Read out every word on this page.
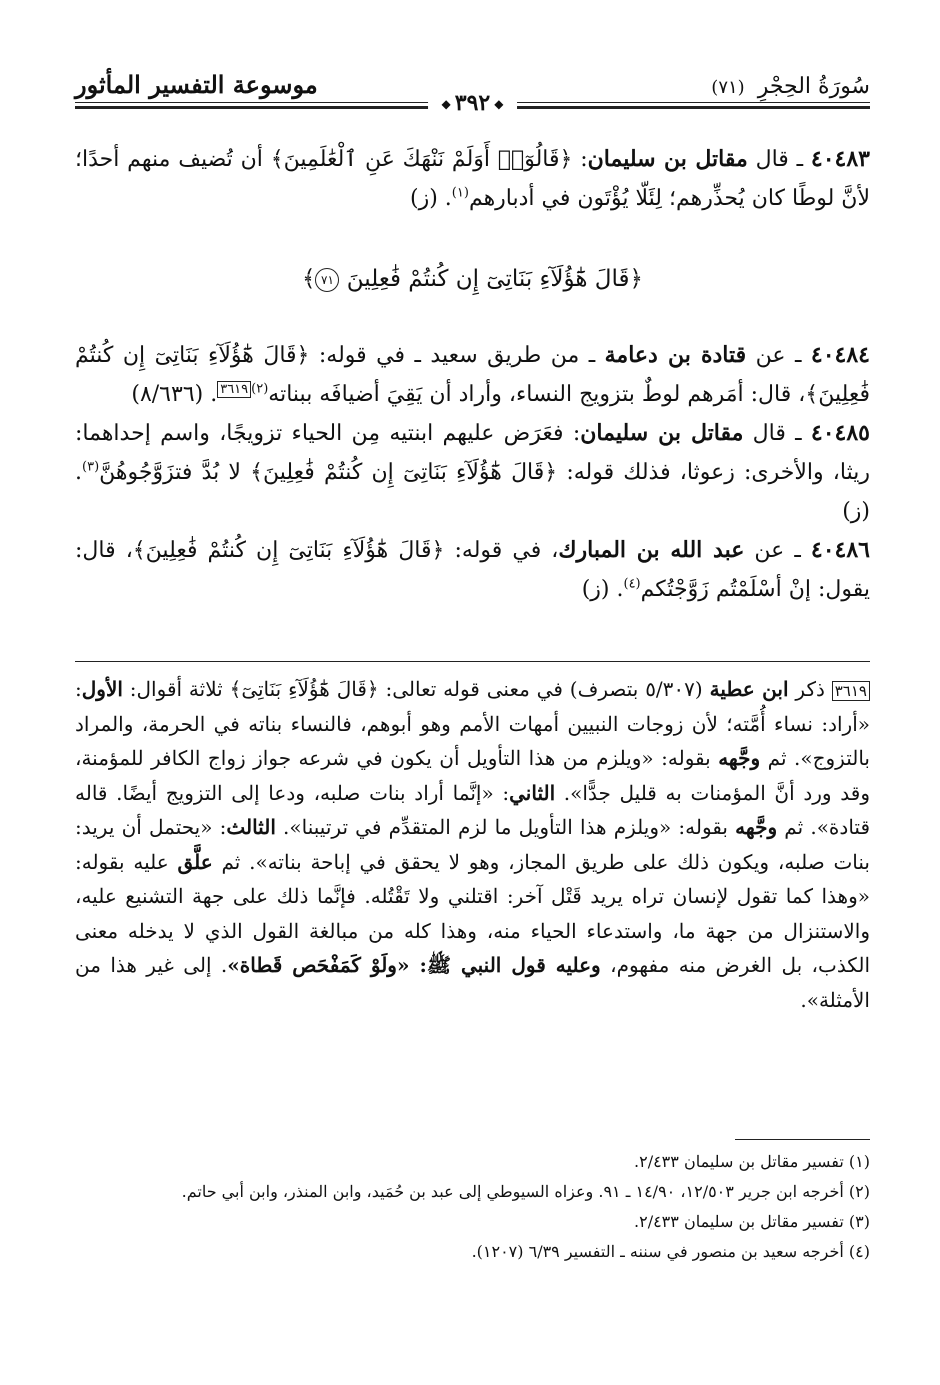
سُورَةُ الحِجْرِ (٧١)
موسوعة التفسير المأثور
◆ ٣٩٢ ◆

٤٠٤٨٣ ـ قال مقاتل بن سليمان: ﴿قَالُوٓا۟ أَوَلَمْ نَنْهَكَ عَنِ ٱلْعَٰلَمِينَ﴾ أن تُضيف منهم أحدًا؛ لأنَّ لوطًا كان يُحذِّرهم؛ لِئَلّا يُؤْتَون في أدبارهم$^{(١)}$. (ز)

﴿قَالَ هَٰٓؤُلَآءِ بَنَاتِىٓ إِن كُنتُمْ فَٰعِلِينَ ٧١﴾

٤٠٤٨٤ ـ عن قتادة بن دعامة ـ من طريق سعيد ـ في قوله: ﴿قَالَ هَٰٓؤُلَآءِ بَنَاتِىٓ إِن كُنتُمْ فَٰعِلِينَ﴾، قال: أمَرهم لوطٌ بتزويج النساء، وأراد أن يَقِيَ أضيافَه ببناته$^{(٢)٣٦١٩}$. (٨/٦٣٦)

٤٠٤٨٥ ـ قال مقاتل بن سليمان: فعَرَض عليهم ابنتيه مِن الحياء تزويجًا، واسم إحداهما: ريثا، والأخرى: زعوثا، فذلك قوله: ﴿قَالَ هَٰٓؤُلَآءِ بَنَاتِىٓ إِن كُنتُمْ فَٰعِلِينَ﴾ لا بُدَّ فتزَوَّجُوهُنَّ$^{(٣)}$. (ز)

٤٠٤٨٦ ـ عن عبد الله بن المبارك، في قوله: ﴿قَالَ هَٰٓؤُلَآءِ بَنَاتِىٓ إِن كُنتُمْ فَٰعِلِينَ﴾، قال: يقول: إنْ أسْلَمْتُم زَوَّجْتُكم$^{(٤)}$. (ز)

٣٦١٩ ذكر ابن عطية (٥/٣٠٧ بتصرف) في معنى قوله تعالى: ﴿قَالَ هَٰٓؤُلَآءِ بَنَاتِىٓ﴾ ثلاثة أقوال: الأول: «أراد: نساء أُمَّته؛ لأن زوجات النبيين أمهات الأمم وهو أبوهم، فالنساء بناته في الحرمة، والمراد بالتزوج». ثم وجَّهه بقوله: «ويلزم من هذا التأويل أن يكون في شرعه جواز زواج الكافر للمؤمنة، وقد ورد أنَّ المؤمنات به قليل جدًّا». الثاني: «إنَّما أراد بنات صلبه، ودعا إلى التزويج أيضًا. قاله قتادة». ثم وجَّهه بقوله: «ويلزم هذا التأويل ما لزم المتقدِّم في ترتيبنا». الثالث: «يحتمل أن يريد: بنات صلبه، ويكون ذلك على طريق المجاز، وهو لا يحقق في إباحة بناته». ثم علَّق عليه بقوله: «وهذا كما تقول لإنسان تراه يريد قَتْل آخر: اقتلني ولا تَقْتُله. فإنَّما ذلك على جهة التشنيع عليه، والاستنزال من جهة ما، واستدعاء الحياء منه، وهذا كله من مبالغة القول الذي لا يدخله معنى الكذب، بل الغرض منه مفهوم، وعليه قول النبي ﷺ: «ولَوْ كَمَفْحَص قَطاة». إلى غير هذا من الأمثلة».

(١) تفسير مقاتل بن سليمان ٢/٤٣٣.

(٢) أخرجه ابن جرير ١٢/٥٠٣، ١٤/٩٠ ـ ٩١. وعزاه السيوطي إلى عبد بن حُمَيد، وابن المنذر، وابن أبي حاتم.

(٣) تفسير مقاتل بن سليمان ٢/٤٣٣.

(٤) أخرجه سعيد بن منصور في سننه ـ التفسير ٦/٣٩ (١٢٠٧).
